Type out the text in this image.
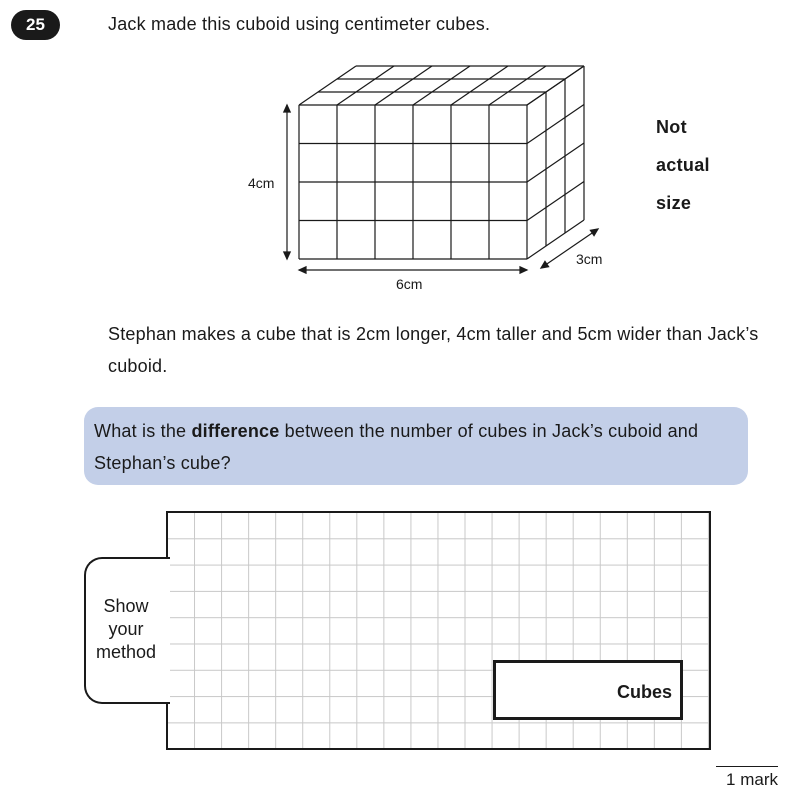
25	Jack made this cuboid using centimeter cubes.
4cm
6cm
3cm
Not
actual
size
Stephan makes a cube that is 2cm longer, 4cm taller and 5cm wider than Jack’s cuboid.
What is the difference between the number of cubes in Jack’s cuboid and Stephan’s cube?
Show
your
method
Cubes
1 mark
